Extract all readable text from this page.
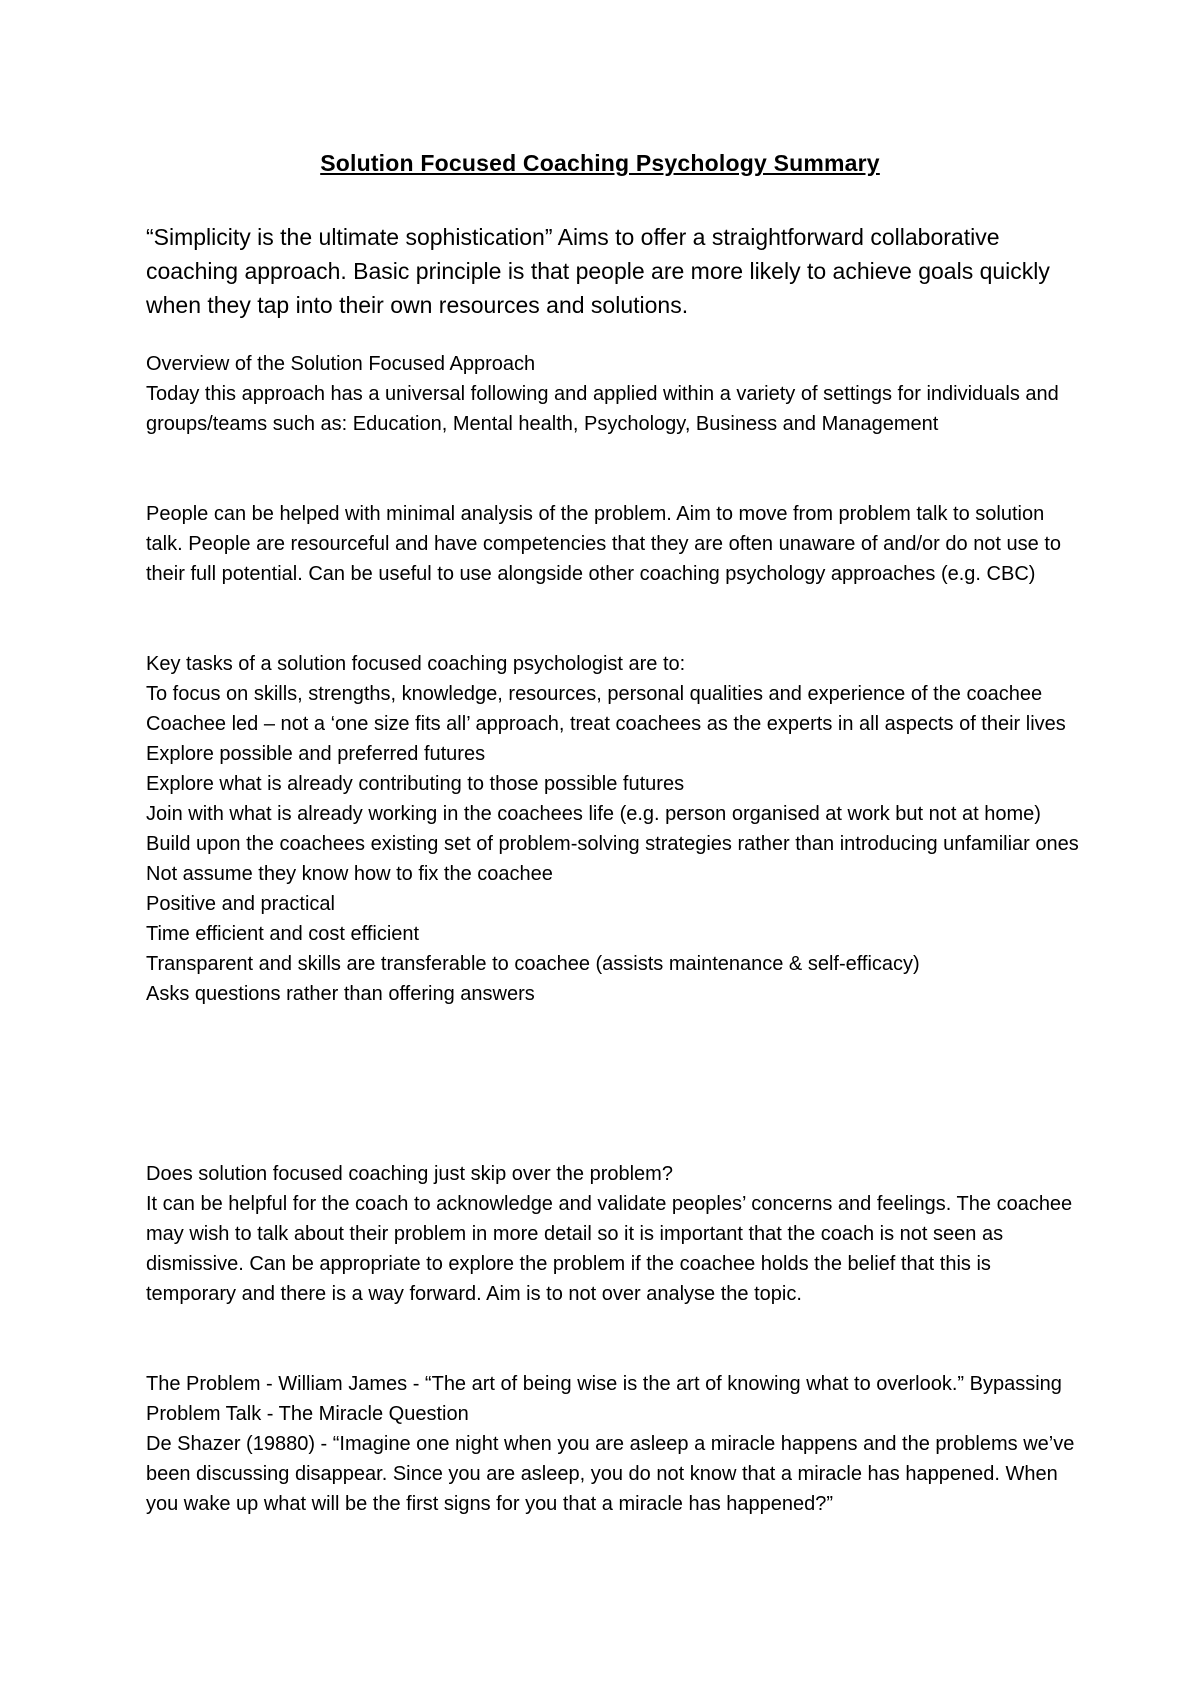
Solution Focused Coaching Psychology Summary

“Simplicity is the ultimate sophistication” Aims to offer a straightforward collaborative coaching approach. Basic principle is that people are more likely to achieve goals quickly when they tap into their own resources and solutions.

Overview of the Solution Focused Approach

Today this approach has a universal following and applied within a variety of settings for individuals and groups/teams such as: Education, Mental health, Psychology, Business and Management

People can be helped with minimal analysis of the problem. Aim to move from problem talk to solution talk. People are resourceful and have competencies that they are often unaware of and/or do not use to their full potential. Can be useful to use alongside other coaching psychology approaches (e.g. CBC)

Key tasks of a solution focused coaching psychologist are to:

To focus on skills, strengths, knowledge, resources, personal qualities and experience of the coachee

Coachee led – not a ‘one size fits all’ approach, treat coachees as the experts in all aspects of their lives

Explore possible and preferred futures

Explore what is already contributing to those possible futures

Join with what is already working in the coachees life (e.g. person organised at work but not at home)

Build upon the coachees existing set of problem-solving strategies rather than introducing unfamiliar ones

Not assume they know how to fix the coachee

Positive and practical

Time efficient and cost efficient

Transparent and skills are transferable to coachee (assists maintenance & self-efficacy)

Asks questions rather than offering answers

Does solution focused coaching just skip over the problem?

It can be helpful for the coach to acknowledge and validate peoples’ concerns and feelings. The coachee may wish to talk about their problem in more detail so it is important that the coach is not seen as dismissive. Can be appropriate to explore the problem if the coachee holds the belief that this is temporary and there is a way forward. Aim is to not over analyse the topic.

The Problem - William James - “The art of being wise is the art of knowing what to overlook.” Bypassing Problem Talk - The Miracle Question

De Shazer (19880) - “Imagine one night when you are asleep a miracle happens and the problems we’ve been discussing disappear. Since you are asleep, you do not know that a miracle has happened. When you wake up what will be the first signs for you that a miracle has happened?”
